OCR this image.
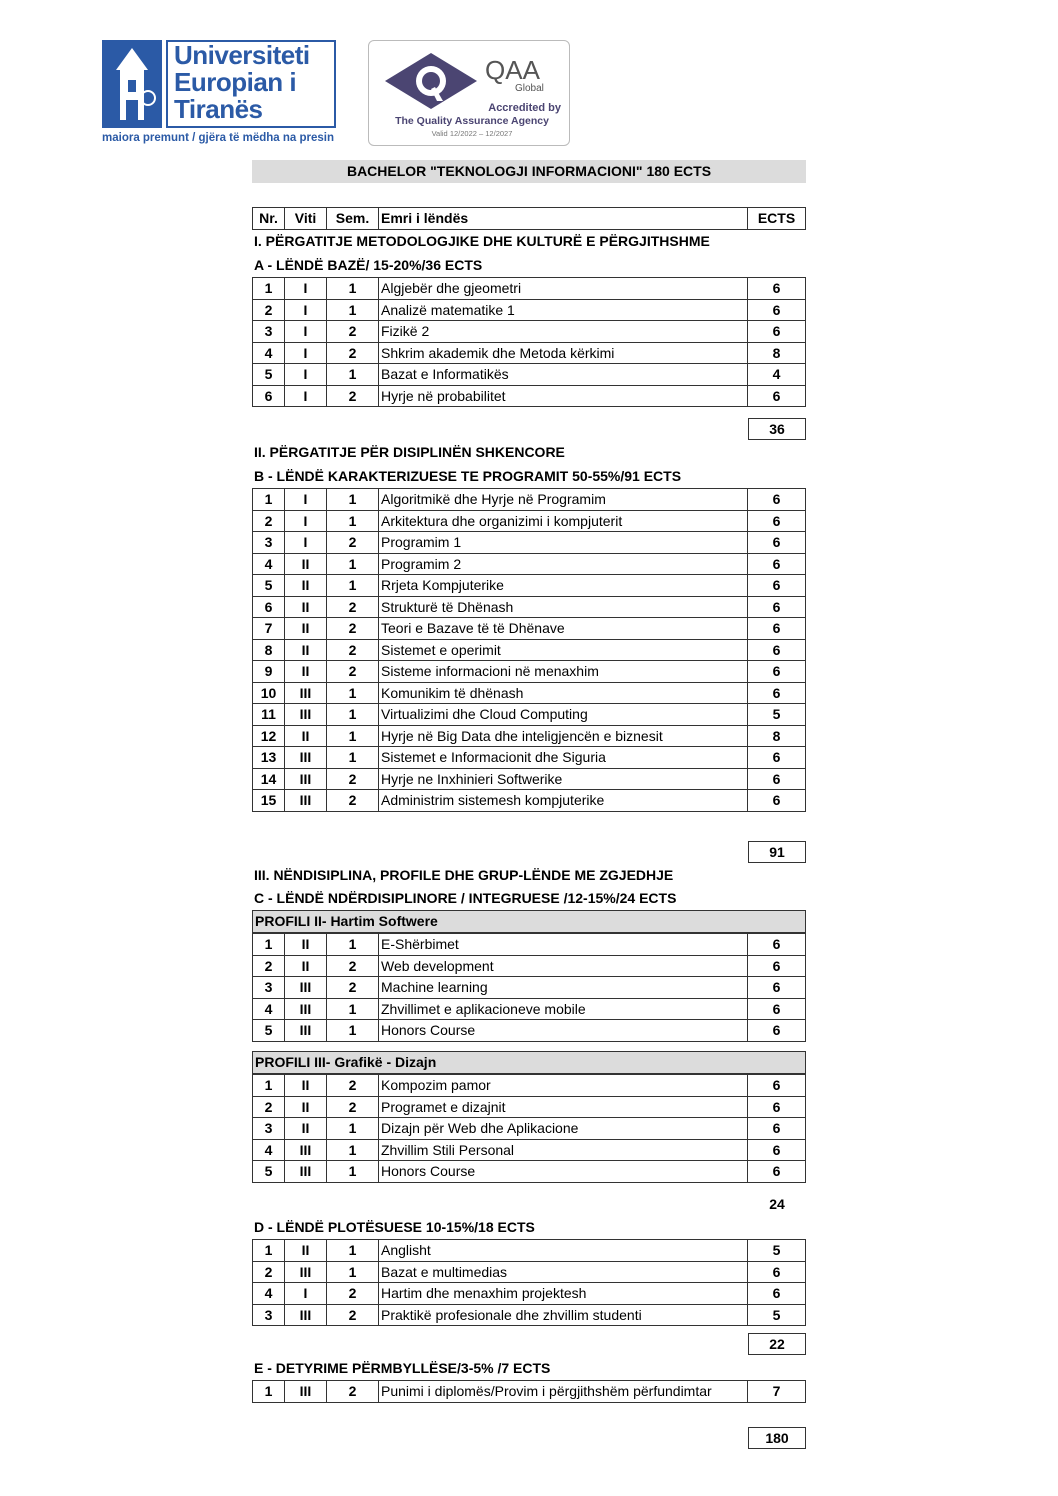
Universiteti
Europian i
Tiranës
maiora premunt / gjëra të mëdha na presin
QAA
Global
Accredited by
The Quality Assurance Agency
Valid 12/2022 – 12/2027
BACHELOR "TEKNOLOGJI INFORMACIONI" 180 ECTS
Nr.	Viti	Sem.	Emri i lëndës	ECTS
I. PËRGATITJE METODOLOGJIKE DHE KULTURË E PËRGJITHSHME
A - LËNDË BAZË/ 15-20%/36 ECTS
1	I	1	Algjebër dhe gjeometri	6
2	I	1	Analizë matematike 1	6
3	I	2	Fizikë 2	6
4	I	2	Shkrim akademik dhe Metoda kërkimi	8
5	I	1	Bazat e Informatikës	4
6	I	2	Hyrje në probabilitet	6
36
II. PËRGATITJE PËR DISIPLINËN SHKENCORE
B - LËNDË KARAKTERIZUESE TE PROGRAMIT 50-55%/91 ECTS
1	I	1	Algoritmikë dhe Hyrje në Programim	6
2	I	1	Arkitektura dhe organizimi i kompjuterit	6
3	I	2	Programim 1	6
4	II	1	Programim 2	6
5	II	1	Rrjeta Kompjuterike	6
6	II	2	Strukturë të Dhënash	6
7	II	2	Teori e Bazave të të Dhënave	6
8	II	2	Sistemet e operimit	6
9	II	2	Sisteme informacioni në menaxhim	6
10	III	1	Komunikim të dhënash	6
11	III	1	Virtualizimi dhe Cloud Computing	5
12	II	1	Hyrje në Big Data dhe inteligjencën e biznesit	8
13	III	1	Sistemet e Informacionit dhe Siguria	6
14	III	2	Hyrje ne Inxhinieri Softwerike	6
15	III	2	Administrim sistemesh kompjuterike	6
91
III. NËNDISIPLINA, PROFILE DHE GRUP-LËNDE ME ZGJEDHJE
C - LËNDË NDËRDISIPLINORE / INTEGRUESE /12-15%/24 ECTS
PROFILI II- Hartim Softwere
1	II	1	E-Shërbimet	6
2	II	2	Web development	6
3	III	2	Machine learning	6
4	III	1	Zhvillimet e aplikacioneve mobile	6
5	III	1	Honors Course	6
PROFILI III- Grafikë - Dizajn
1	II	2	Kompozim pamor	6
2	II	2	Programet e dizajnit	6
3	II	1	Dizajn për Web dhe Aplikacione	6
4	III	1	Zhvillim Stili Personal	6
5	III	1	Honors Course	6
24
D - LËNDË PLOTËSUESE 10-15%/18 ECTS
1	II	1	Anglisht	5
2	III	1	Bazat e multimedias	6
4	I	2	Hartim dhe menaxhim projektesh	6
3	III	2	Praktikë profesionale dhe zhvillim studenti	5
22
E - DETYRIME PËRMBYLLËSE/3-5% /7 ECTS
1	III	2	Punimi i diplomës/Provim i përgjithshëm përfundimtar	7
180
